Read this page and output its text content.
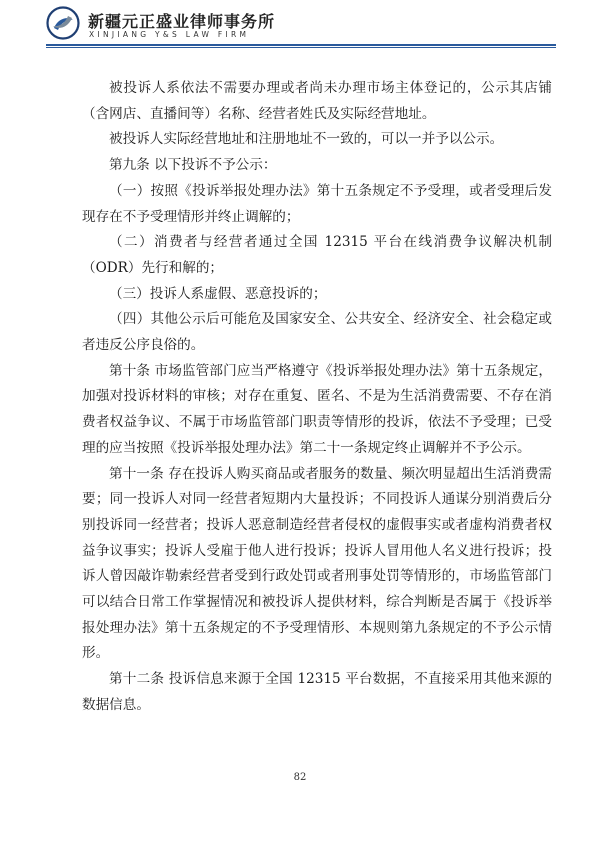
新疆元正盛业律师事务所
XINJIANG Y&S LAW FIRM

被投诉人系依法不需要办理或者尚未办理市场主体登记的，公示其店铺（含网店、直播间等）名称、经营者姓氏及实际经营地址。

被投诉人实际经营地址和注册地址不一致的，可以一并予以公示。

第九条 以下投诉不予公示：

（一）按照《投诉举报处理办法》第十五条规定不予受理，或者受理后发现存在不予受理情形并终止调解的；

（二）消费者与经营者通过全国 12315 平台在线消费争议解决机制（ODR）先行和解的；

（三）投诉人系虚假、恶意投诉的；

（四）其他公示后可能危及国家安全、公共安全、经济安全、社会稳定或者违反公序良俗的。

第十条 市场监管部门应当严格遵守《投诉举报处理办法》第十五条规定，加强对投诉材料的审核；对存在重复、匿名、不是为生活消费需要、不存在消费者权益争议、不属于市场监管部门职责等情形的投诉，依法不予受理；已受理的应当按照《投诉举报处理办法》第二十一条规定终止调解并不予公示。

第十一条 存在投诉人购买商品或者服务的数量、频次明显超出生活消费需要；同一投诉人对同一经营者短期内大量投诉；不同投诉人通谋分别消费后分别投诉同一经营者；投诉人恶意制造经营者侵权的虚假事实或者虚构消费者权益争议事实；投诉人受雇于他人进行投诉；投诉人冒用他人名义进行投诉；投诉人曾因敲诈勒索经营者受到行政处罚或者刑事处罚等情形的，市场监管部门可以结合日常工作掌握情况和被投诉人提供材料，综合判断是否属于《投诉举报处理办法》第十五条规定的不予受理情形、本规则第九条规定的不予公示情形。

第十二条 投诉信息来源于全国 12315 平台数据，不直接采用其他来源的数据信息。

82
